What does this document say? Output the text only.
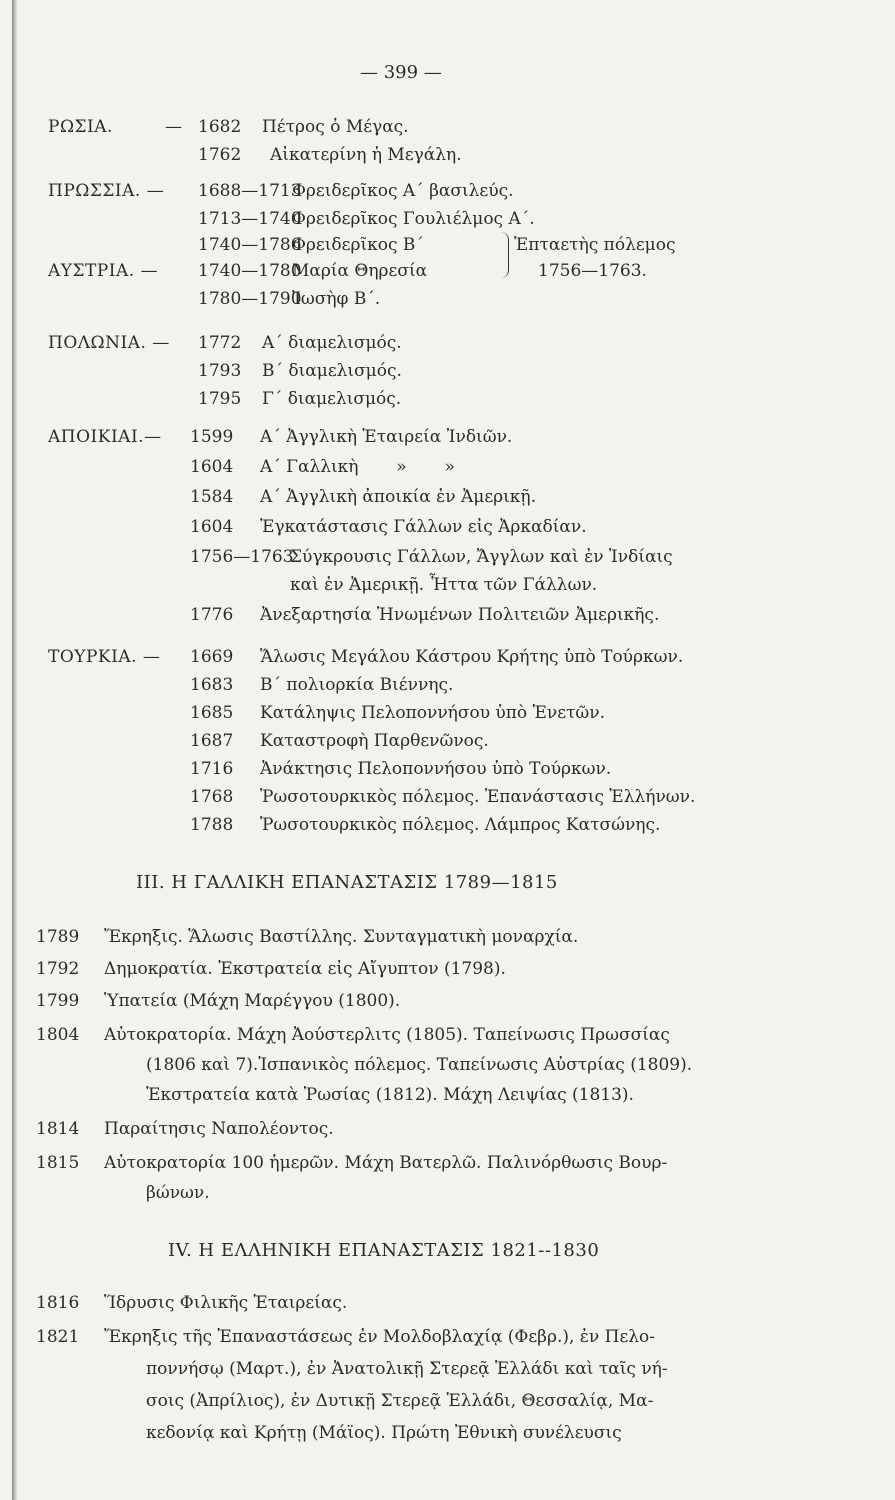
— 399 —
ΡΩΣΙΑ.	— 1682 Πέτρος ὁ Μέγας.
1762 Αἰκατερίνη ἡ Μεγάλη.
ΠΡΩΣΣΙΑ. — 1688—1713
Φρειδερῖκος Α΄ βασιλεύς.
1713—1740
Φρειδερῖκος Γουλιέλμος Α΄.
1740—1786
Φρειδερῖκος Β΄	Ἑπταετὴς πόλεμος
1756—1763.
ΑΥΣΤΡΙΑ. — 1740—1780
Μαρία Θηρεσία
1780—1790
Ἰωσὴφ Β΄.
ΠΟΛΩΝΙΑ. — 1772 Α΄ διαμελισμός.
1793 Β΄ διαμελισμός.
1795 Γ΄ διαμελισμός.
ΑΠΟΙΚΙΑΙ.— 1599 Α΄ Ἀγγλικὴ Ἑταιρεία Ἰνδιῶν.
1604 Α΄ Γαλλικὴ       »       »
1584 Α΄ Ἀγγλικὴ ἀποικία ἐν Ἀμερικῇ.
1604 Ἐγκατάστασις Γάλλων εἰς Ἀρκαδίαν.
1756—1763
Σύγκρουσις Γάλλων, Ἄγγλων καὶ ἐν Ἰνδίαις
καὶ ἐν Ἀμερικῇ. Ἧττα τῶν Γάλλων.
1776 Ἀνεξαρτησία Ἡνωμένων Πολιτειῶν Ἀμερικῆς.
ΤΟΥΡΚΙΑ. — 1669 Ἅλωσις Μεγάλου Κάστρου Κρήτης ὑπὸ Τούρκων.
1683 Β΄ πολιορκία Βιέννης.
1685 Κατάληψις Πελοποννήσου ὑπὸ Ἑνετῶν.
1687 Καταστροφὴ Παρθενῶνος.
1716 Ἀνάκτησις Πελοποννήσου ὑπὸ Τούρκων.
1768 Ῥωσοτουρκικὸς πόλεμος. Ἐπανάστασις Ἑλλήνων.
1788 Ῥωσοτουρκικὸς πόλεμος. Λάμπρος Κατσώνης.
III. Η ΓΑΛΛΙΚΗ ΕΠΑΝΑΣΤΑΣΙΣ 1789—1815
1789 Ἔκρηξις. Ἅλωσις Βαστίλλης. Συνταγματικὴ μοναρχία.
1792 Δημοκρατία. Ἐκστρατεία εἰς Αἴγυπτον (1798).
1799 Ὑπατεία (Μάχη Μαρέγγου (1800).
1804 Αὐτοκρατορία. Μάχη Ἀούστερλιτς (1805). Ταπείνωσις Πρωσσίας
(1806 καὶ 7).Ἱσπανικὸς πόλεμος. Ταπείνωσις Αὐστρίας (1809).
Ἐκστρατεία κατὰ Ῥωσίας (1812). Μάχη Λειψίας (1813).
1814 Παραίτησις Ναπολέοντος.
1815 Αὐτοκρατορία 100 ἡμερῶν. Μάχη Βατερλῶ. Παλινόρθωσις Βουρ-
βώνων.
IV. Η ΕΛΛΗΝΙΚΗ ΕΠΑΝΑΣΤΑΣΙΣ 1821--1830
1816 Ἵδρυσις Φιλικῆς Ἑταιρείας.
1821 Ἔκρηξις τῆς Ἐπαναστάσεως ἐν Μολδοβλαχίᾳ (Φεβρ.), ἐν Πελο-
ποννήσῳ (Μαρτ.), ἐν Ἀνατολικῇ Στερεᾷ Ἑλλάδι καὶ ταῖς νή-
σοις (Ἀπρίλιος), ἐν Δυτικῇ Στερεᾷ Ἑλλάδι, Θεσσαλίᾳ, Μα-
κεδονίᾳ καὶ Κρήτῃ (Μάϊος). Πρώτη Ἐθνικὴ συνέλευσις
